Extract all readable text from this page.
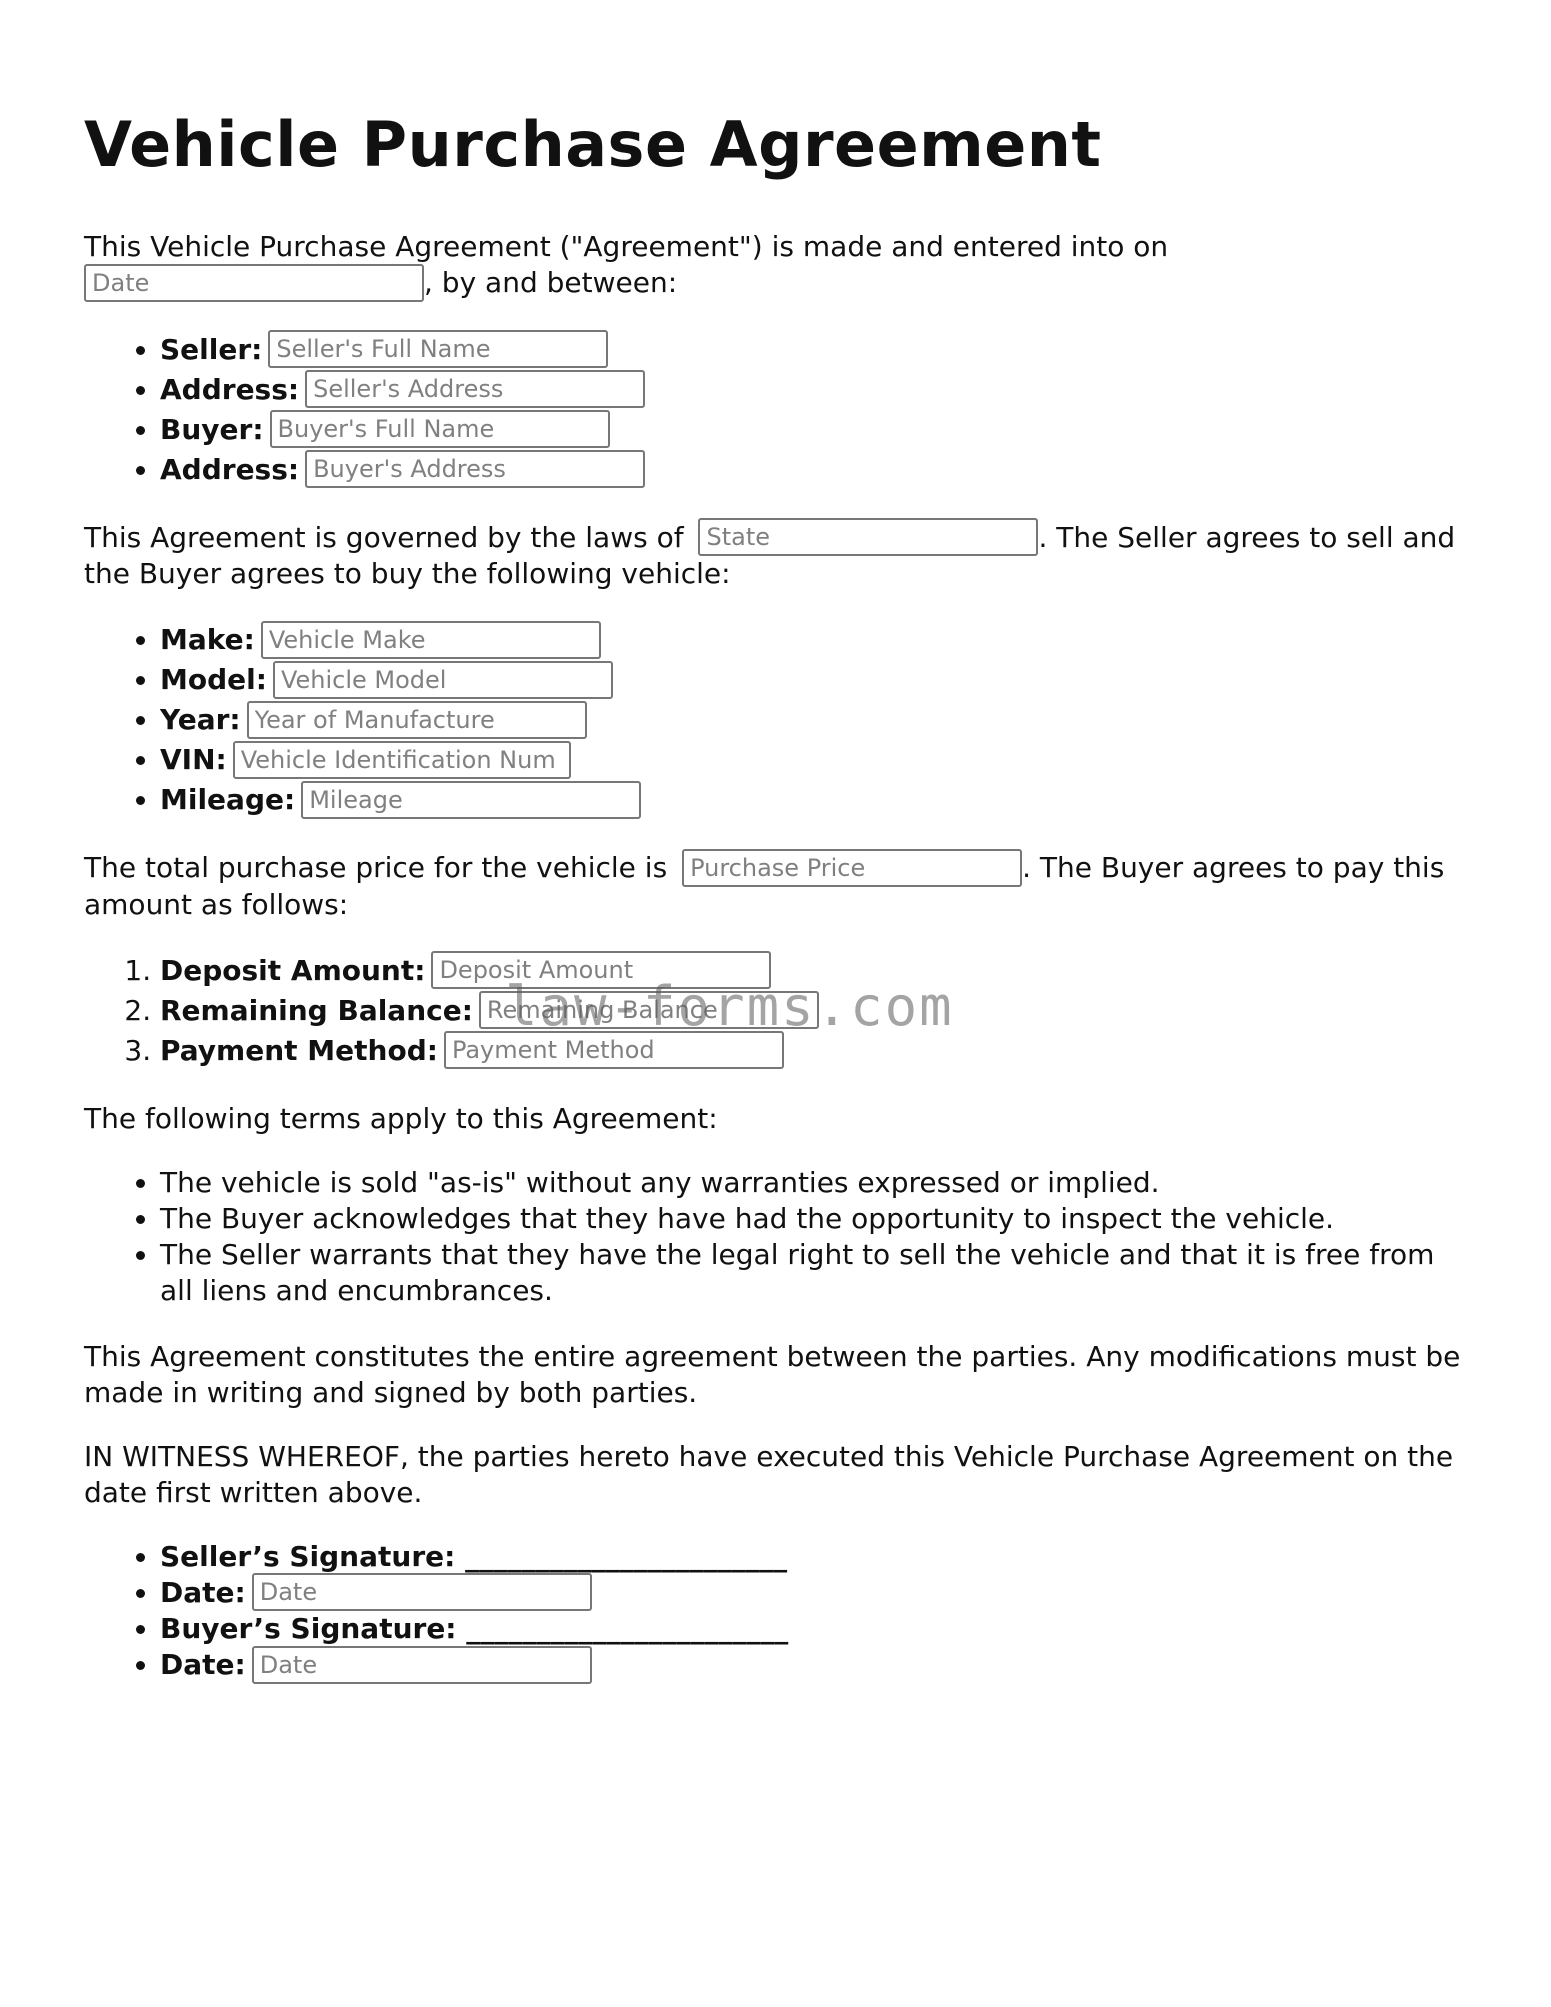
Vehicle Purchase Agreement

This Vehicle Purchase Agreement ("Agreement") is made and entered into on
Date, by and between:

• Seller:Seller's Full Name
• Address:Seller's Address
• Buyer:Buyer's Full Name
• Address:Buyer's Address

This Agreement is governed by the laws of State	. The Seller agrees to sell and the Buyer agrees to buy the following vehicle:

• Make:Vehicle Make
• Model:Vehicle Model
• Year:Year of Manufacture
• VIN:Vehicle Identification Num
• Mileage:Mileage

The total purchase price for the vehicle is Purchase Price	. The Buyer agrees to pay this amount as follows:

1. Deposit Amount:Deposit Amount
2. Remaining Balance:Remaining Balance
3. Payment Method:Payment Method

The following terms apply to this Agreement:

• The vehicle is sold "as-is" without any warranties expressed or implied.
• The Buyer acknowledges that they have had the opportunity to inspect the vehicle.
• The Seller warrants that they have the legal right to sell the vehicle and that it is free from all liens and encumbrances.

This Agreement constitutes the entire agreement between the parties. Any modifications must be made in writing and signed by both parties.

IN WITNESS WHEREOF, the parties hereto have executed this Vehicle Purchase Agreement on the date first written above.

• Seller’s Signature: _______________________
• Date:Date
• Buyer’s Signature: _______________________
• Date:Date
law-forms.com
